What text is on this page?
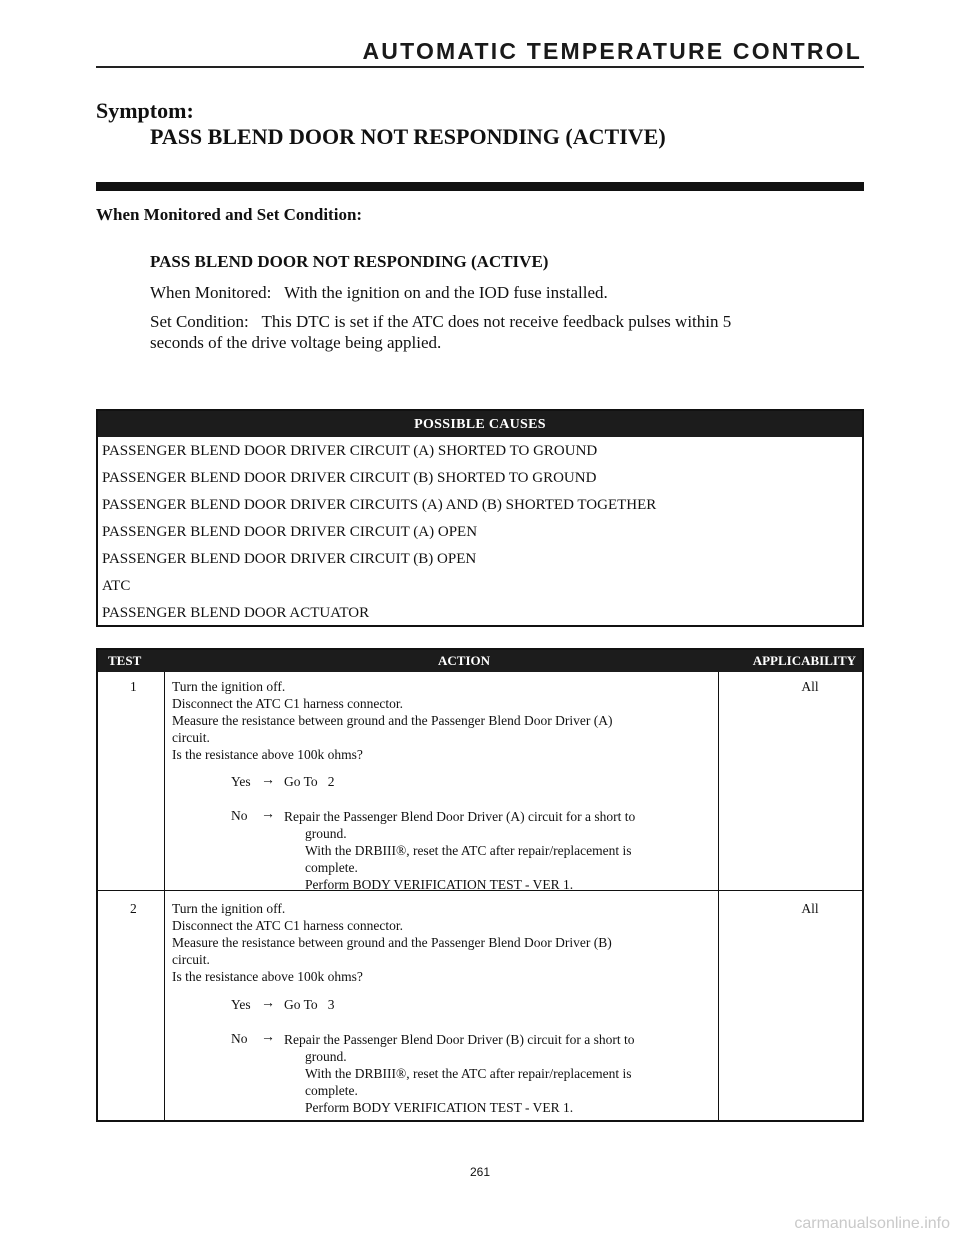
AUTOMATIC TEMPERATURE CONTROL
Symptom:
PASS BLEND DOOR NOT RESPONDING (ACTIVE)
When Monitored and Set Condition:
PASS BLEND DOOR NOT RESPONDING (ACTIVE)
When Monitored: With the ignition on and the IOD fuse installed.
Set Condition: This DTC is set if the ATC does not receive feedback pulses within 5
seconds of the drive voltage being applied.
POSSIBLE CAUSES
PASSENGER BLEND DOOR DRIVER CIRCUIT (A) SHORTED TO GROUND
PASSENGER BLEND DOOR DRIVER CIRCUIT (B) SHORTED TO GROUND
PASSENGER BLEND DOOR DRIVER CIRCUITS (A) AND (B) SHORTED TOGETHER
PASSENGER BLEND DOOR DRIVER CIRCUIT (A) OPEN
PASSENGER BLEND DOOR DRIVER CIRCUIT (B) OPEN
ATC
PASSENGER BLEND DOOR ACTUATOR
TEST	ACTION	APPLICABILITY
1	Turn the ignition off.
Disconnect the ATC C1 harness connector.
Measure the resistance between ground and the Passenger Blend Door Driver (A)
circuit.
Is the resistance above 100k ohms?
Yes → Go To   2
No → Repair the Passenger Blend Door Driver (A) circuit for a short to
ground.
With the DRBIII®, reset the ATC after repair/replacement is
complete.
Perform BODY VERIFICATION TEST - VER 1.
All
2	Turn the ignition off.
Disconnect the ATC C1 harness connector.
Measure the resistance between ground and the Passenger Blend Door Driver (B)
circuit.
Is the resistance above 100k ohms?
Yes → Go To   3
No → Repair the Passenger Blend Door Driver (B) circuit for a short to
ground.
With the DRBIII®, reset the ATC after repair/replacement is
complete.
Perform BODY VERIFICATION TEST - VER 1.
All
261
carmanualsonline.info
